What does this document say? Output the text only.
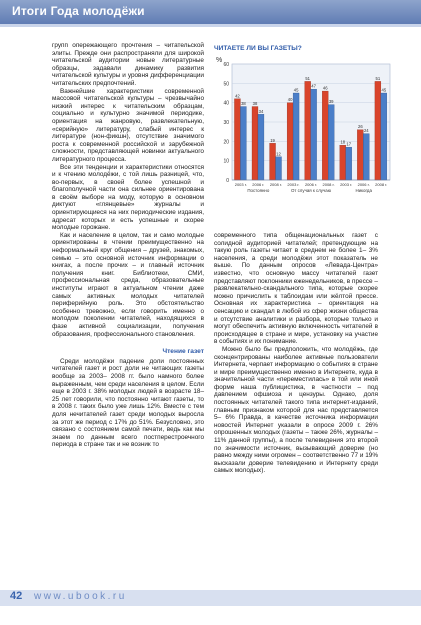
Итоги Года молодёжи

групп опережающего прочтения – читательской элиты. Прежде они распространяли для широкой читательской аудитории новые литературные образцы, задавали динамику развития читательской культуры и уровня дифференциации читательских предпочтений.

Важнейшие характеристики современной массовой читательской культуры – чрезвычайно низкий интерес к читательским образцам, социально и культурно значимой периодике, ориентация на жанровую, развлекательную, «серийную» литературу, слабый интерес к литературе (нон-фикшн), отсутствие значимого роста к современной российской и зарубежной сложности, представляющей новинки актуального литературного процесса.

Все эти тенденции и характеристики относятся и к чтению молодёжи, с той лишь разницей, что, во-первых, в своей более успешной и благополучной части она сильнее ориентирована в своём выборе на моду, которую в основном диктуют «глянцевые» журналы и ориентирующиеся на них периодические издания, адресат которых и есть успешные и скорее молодые горожане.

Как и население в целом, так и само молодые ориентированы в чтении преимущественно на неформальный круг общения – друзей, знакомых, семью – это основной источник информации о книгах, а после прочих – и главный источник получения книг. Библиотеки, СМИ, профессиональная среда, образовательные институты играют в актуальном чтении даже самых активных молодых читателей периферийную роль. Это обстоятельство особенно тревожно, если говорить именно о молодом поколении читателей, находящихся в фазе активной социализации, получения образования, профессионального становления.

Чтение газет

Среди молодёжи падение доли постоянных читателей газет и рост доли не читающих газеты вообще за 2003– 2008 гг. было намного более выраженным, чем среди населения в целом. Если еще в 2003 г. 38% молодых людей в возрасте 18– 25 лет говорили, что постоянно читают газеты, то в 2008 г. таких было уже лишь 12%. Вместе с тем доля нечитателей газет среди молодых выросла за этот же период с 17% до 51%. Безусловно, это связано с состоянием самой печати, ведь как мы знаем по данным всего постперестроечного периода в стране так и не возник то

ЧИТАЕТЕ ЛИ ВЫ ГАЗЕТЫ?
0
10
20
30
40
50
60
%
42
38
2003 г.
38
34
2006 г.
19
12
2008 г.
40
45
2003 г.
51
47
2006 г.
46
39
2008 г.
18 17
2003 г.
26
24
2006 г.
51
45
2008 г.
Постоянно	От случая к случаю	Никогда

современного типа общенациональных газет с солидной аудиторией читателей; претендующие на такую роль газеты читает в среднем не более 1– 3% населения, а среди молодёжи этот показатель не выше. По данным опросов «Левада-Центра» известно, что основную массу читателей газет представляют поклонники еженедельников, в прессе – развлекательно-скандального типа, которые скорее можно причислить к таблоидам или жёлтой прессе. Основная их характеристика – ориентация на сенсацию и скандал в любой из сфер жизни общества и отсутствие аналитики и разбора, которые только и могут обеспечить активную включенность читателей в происходящее в стране и мире, установку на участие в событиях и их понимание.

Можно было бы предположить, что молодёжь, где сконцентрированы наиболее активные пользователи Интернета, черпает информацию о событиях в стране и мире преимущественно именно в Интернете, куда в значительной части «переместилась» в той или иной форме наша публицистика, в частности – под давлением офшиоза и цензуры. Однако, доля постоянных читателей такого типа интернет-изданий, главным признаком которой для нас представляется 5– 6% Правда, в качестве источника информации новостей Интернет указали в опросе 2009 г. 26% опрошенных молодых (газеты – также 26%, журналы – 11% данной группы), а после телевидения это второй по значимости источник, вызывающий доверие (но равно между ними огромен – соответственно 77 и 19% высказали доверие телевидению и Интернету среди самых молодых).

42 www.ubook.ru
